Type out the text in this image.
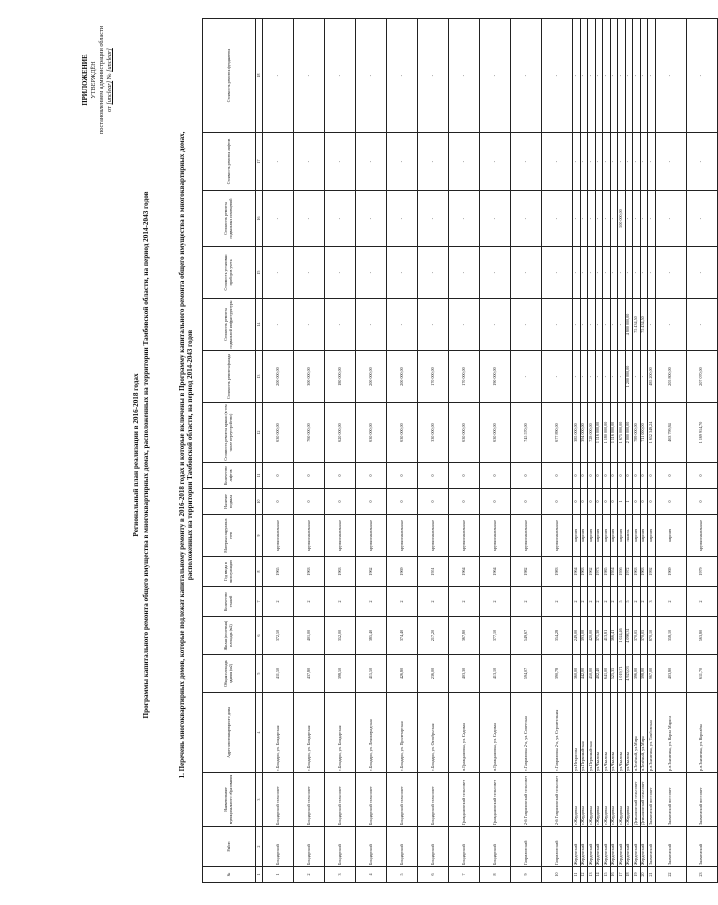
ПРИЛОЖЕНИЕ УТВЕРЖДЁН постановлением администрации области от [unclear] № [unclear]
Региональный план реализации в 2016-2018 годах Программы капитального ремонта общего имущества в многоквартирных домах, расположенных на территории Тамбовской области, на период 2014-2043 годов	1. Перечень многоквартирных домов, которые подлежат капитальному ремонту в 2016-2018 годах и которые включены в Программу капитального ремонта общего имущества в многоквартирных домах, расположенных на территории Тамбовской области, на период 2014-2043 годов
№	Район	Наименование муниципального образования	Адрес многоквартирного дома	Общая площадь здания (м2)	Жилая (полезная) площадь (м2)	Количество этажей	Год ввода в эксплуатацию	Материал наружных стен	Наличие подвала	Количество лифтов	Стоимость ремонта крыши (в том числе переустройство)	Стоимость ремонта фасада	Стоимость ремонта подвальной инфраструктуры	Стоимость установки приборов учета	Стоимость ремонта подвальных помещений	Стоимость ремонта лифтов	Стоимость ремонта фундамента
1	2	3	4	5	6	7	8	9	10	11	12	13	14	15	16	17	18
1	Бондарский	Бондарский сельсовет	с.Бондари, ул. Бондарская	411,50	372,50	2	1965	крупнопанельные	0	0	630 000,00	200 000,00	-	-	-	-	-
2	Бондарский	Бондарский сельсовет	с.Бондари, ул. Бондарская	437,80	401,00	2	1963	крупнопанельные	0	0	760 000,00	300 000,00	-	-	-	-	-
3	Бондарский	Бондарский сельсовет	с.Бондари, ул. Бондарская	398,50	352,00	2	1963	крупнопанельные	0	0	620 000,00	180 000,00	-	-	-	-	-
4	Бондарский	Бондарский сельсовет	с.Бондари, ул. Ленинградская	415,50	385,40	2	1962	крупнопанельные	0	0	630 000,00	200 000,00	-	-	-	-	-
5	Бондарский	Бондарский сельсовет	с.Бондари, ул. Пролетарская	426,80	374,40	2	1969	крупнопанельные	0	0	630 000,00	200 000,00	-	-	-	-	-
6	Бондарский	Бондарский сельсовет	с.Бондари, ул. Октябрьская	236,00	217,20	2	1951	крупнопанельные	0	0	330 000,00	170 000,00	-	-	-	-	-
7	Бондарский	Граждановский сельсовет	п.Граждановка, ул. Садовая	403,30	367,80	2	1964	крупнопанельные	0	0	630 000,00	170 000,00	-	-	-	-	-
8	Бондарский	Граждановский сельсовет	п.Граждановка, ул. Садовая	413,10	377,10	2	1964	крупнопанельные	0	0	630 000,00	190 000,00	-	-	-	-	-
9	Гавриловский	2-й Гавриловский сельсовет	с.Гавриловка 2-я, ул. Советская	594,07	549,67	2	1982	крупнопанельные	0	0	745 570,00	-	-	-	-	-	-
10	Гавриловский	2-й Гавриловский сельсовет	с.Гавриловка 2-я, ул. Строительная	390,78	354,28	2	1983	крупнопанельные	0	0	677 890,00	-	-	-	-	-	-
11	Жердевский	г.Жердевка	ул.Некрасова	360,00	249,00	2	1964	кирпич	0	0	385 000,00	-	-	-	-	-	-
12	Жердевский	г.Жердевка	ул.Первомайская	442,00	393,00	2	1963	кирпич	0	0	394 000,00	-	-	-	-	-	-
13	Жердевский	г.Жердевка	ул.Первомайская	450,00	420,00	2	1962	кирпич	0	0	728 000,00	-	-	-	-	-	-
14	Жердевский	г.Жердевка	ул.Чкалова	402,40	371,30	2	1973	кирпич	0	0	1 116 000,00	-	-	-	-	-	-
15	Жердевский	г.Жердевка	ул.Чкалова	641,00	413,81	2	1985	кирпич	0	0	1 180 000,00	-	-	-	-	-	-
16	Жердевский	г.Жердевка	ул.Чкалова	525,35	366,41	2	1954	кирпич	0	0	1 116 000,00	-	-	-	-	-	-
17	Жердевский	г.Жердевка	ул.Чкалова	1 019,71	1 024,46	5	1956	кирпич	1	0	1 675 000,00	-	-	-	500 000,00	-	-
18	Жердевский	г.Жердевка	ул.Чкалова	4 923,03	4 098,31	5	1972	панель	1	0	2 000 000,00	1 200 000,00	4 800 000,00	-	-	-	-
19	Жердевский	Демьяновский сельсовет	п.Зелёный, ул.Мира	396,00	370,05	2	1963	кирпич	0	0	789 000,00	-	75 434,50	-	-	-	-
20	Жердевский	Демьяновский сельсовет	п.Зелёный, ул.Мира	398,00	370,05	2	1963	кирпич	0	0	711 000,00	-	75 434,50	-	-	-	-
21	Знаменский	Знаменский поссовет	р.п.Знаменка, ул. Тамбовская	967,00	870,10	3	1992	кирпич	0	0	1 652 348,24	485 200,00	-	-	-	-	-
22	Знаменский	Знаменский поссовет	р.п.Знаменка, ул. Карла Маркса	403,80	358,10	2	1969	кирпич	0	0	463 799,84	205 800,00	-	-	-	-	-
23	Знаменский	Знаменский поссовет	р.п.Знаменка, ул. Королёва	611,70	563,80	2	1979	крупнопанельные	0	0	1 169 914,70	207 070,00	-	-	-	-	-
